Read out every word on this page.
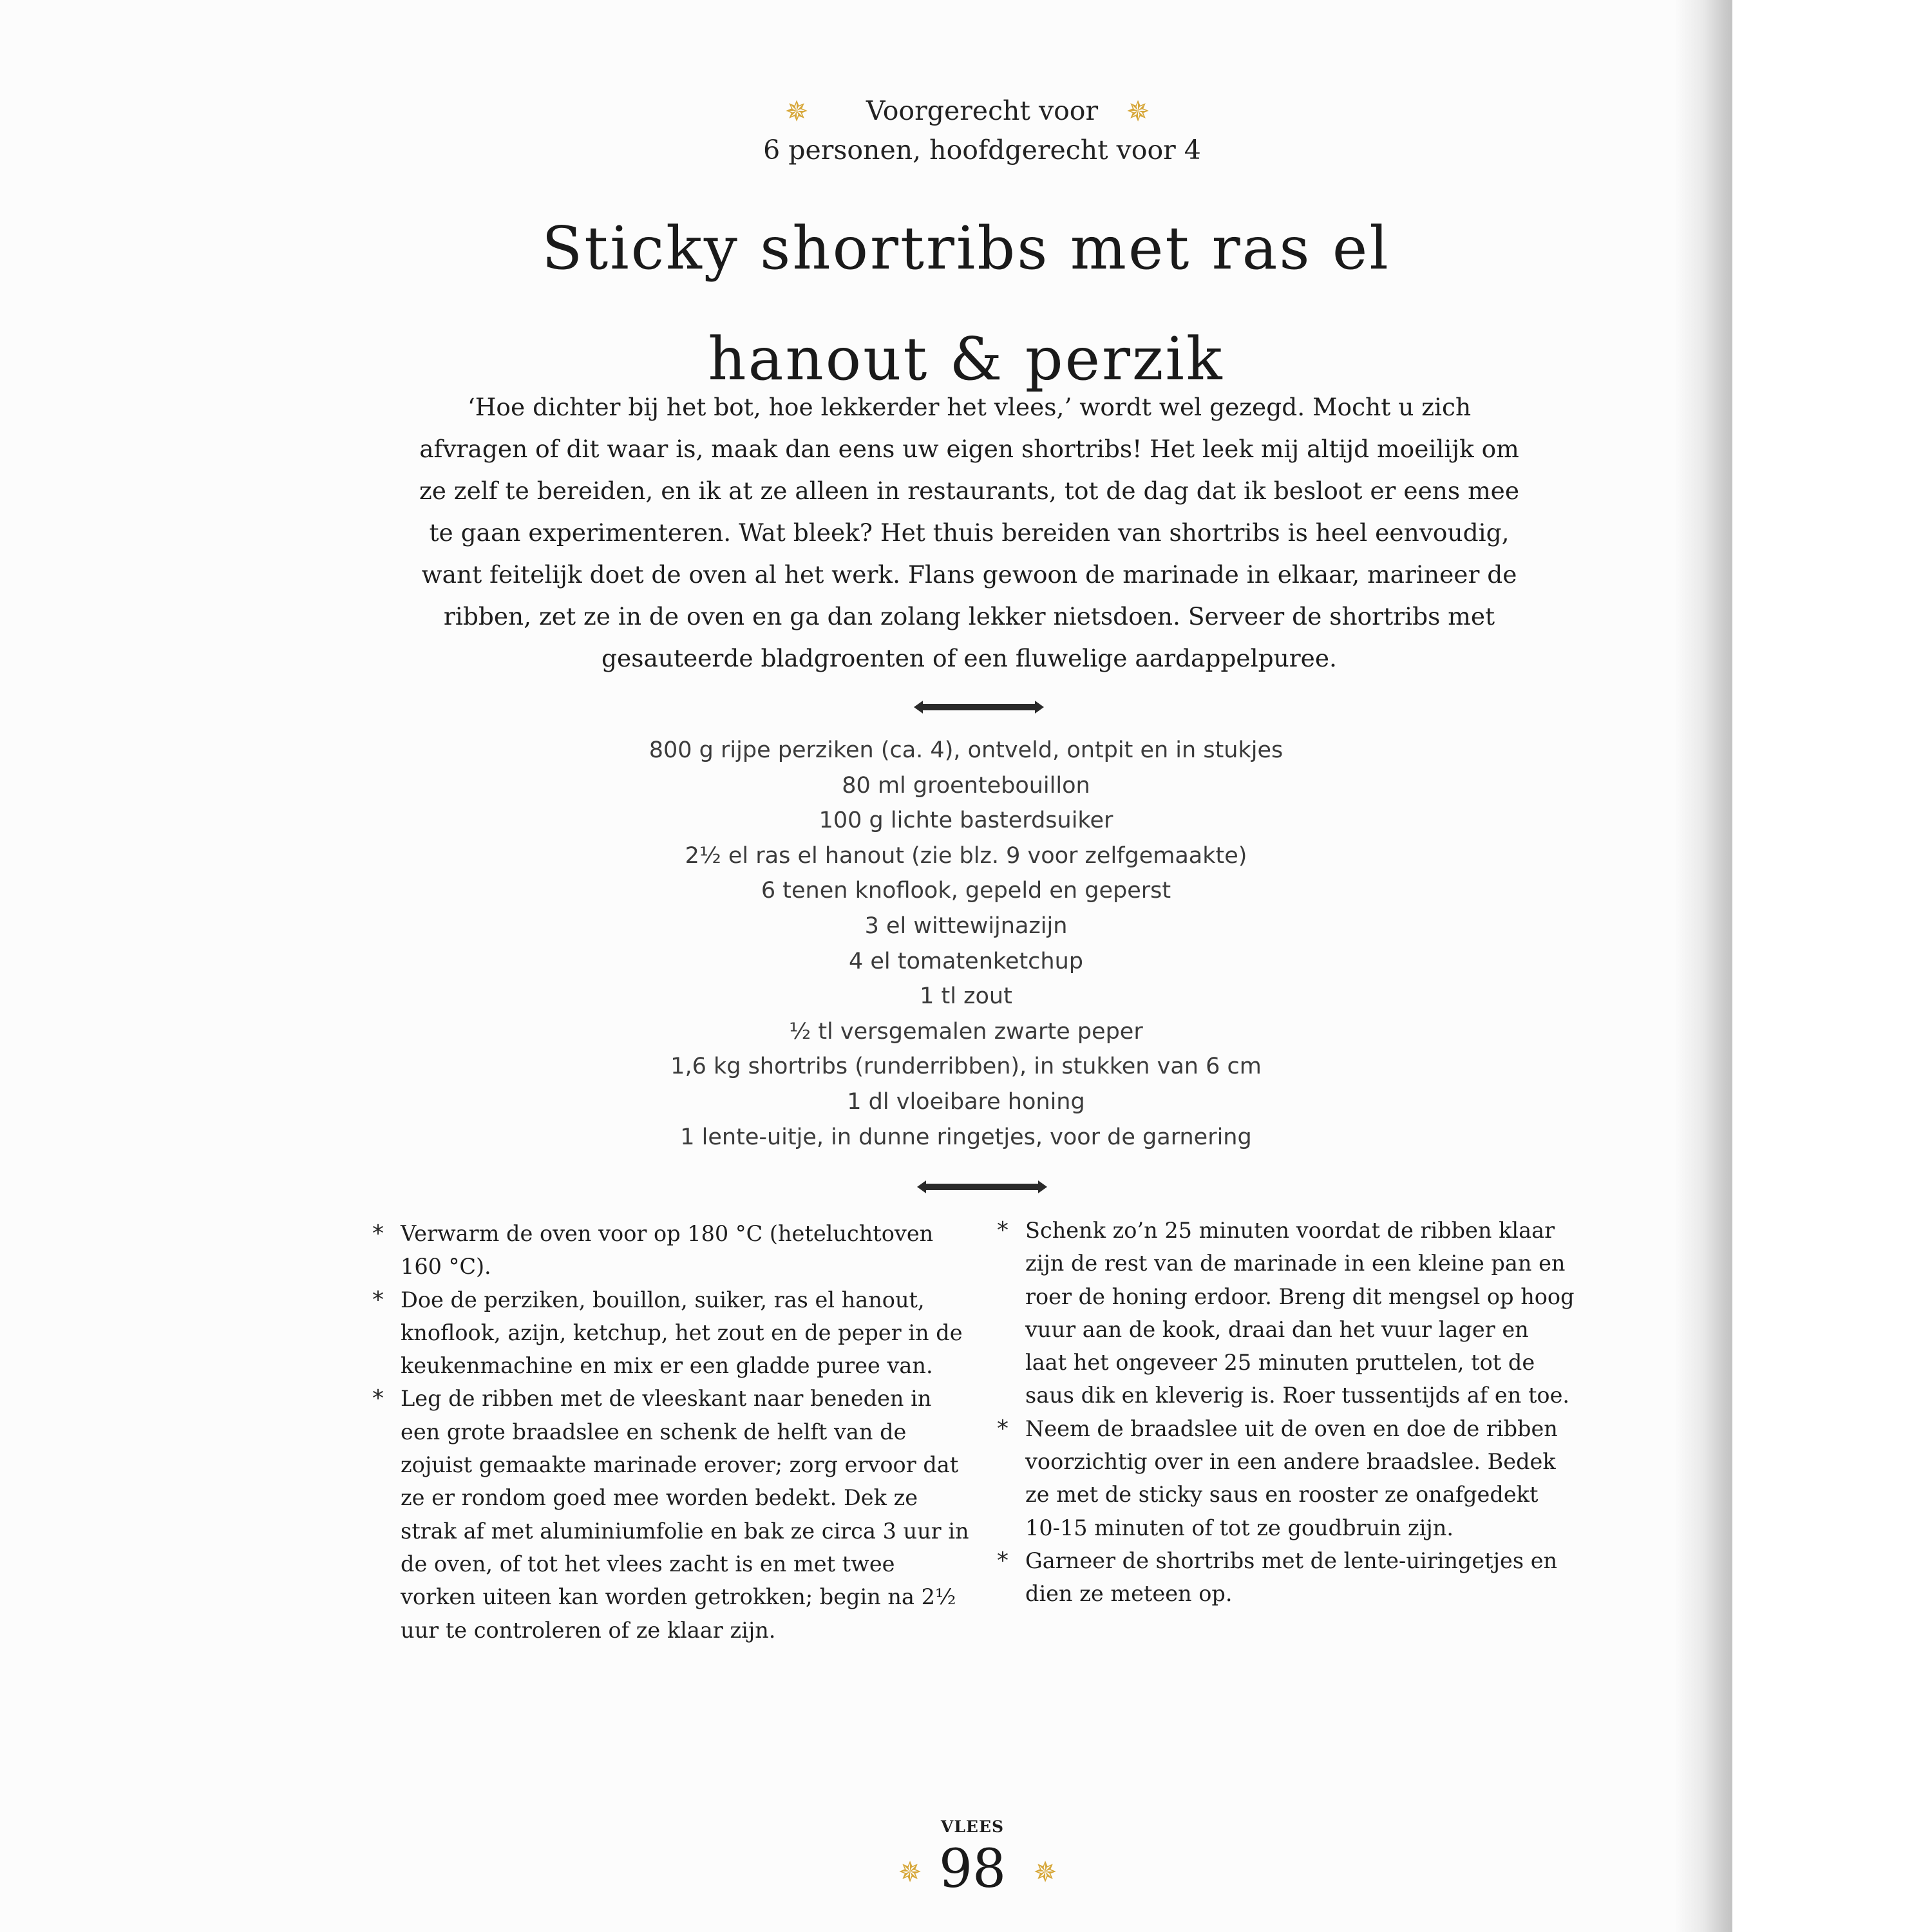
✵	✵
Voorgerecht voor
6 personen, hoofdgerecht voor 4
Sticky shortribs met ras el hanout & perzik

‘Hoe dichter bij het bot, hoe lekkerder het vlees,’ wordt wel gezegd. Mocht u zich afvragen of dit waar is, maak dan eens uw eigen shortribs! Het leek mij altijd moeilijk om ze zelf te bereiden, en ik at ze alleen in restaurants, tot de dag dat ik besloot er eens mee te gaan experimenteren. Wat bleek? Het thuis bereiden van shortribs is heel eenvoudig, want feitelijk doet de oven al het werk. Flans gewoon de marinade in elkaar, marineer de ribben, zet ze in de oven en ga dan zolang lekker nietsdoen. Serveer de shortribs met gesauteerde bladgroenten of een fluwelige aardappelpuree.

800 g rijpe perziken (ca. 4), ontveld, ontpit en in stukjes
80 ml groentebouillon
100 g lichte basterdsuiker
2½ el ras el hanout (zie blz. 9 voor zelfgemaakte)
6 tenen knoflook, gepeld en geperst
3 el wittewijnazijn
4 el tomatenketchup
1 tl zout
½ tl versgemalen zwarte peper
1,6 kg shortribs (runderribben), in stukken van 6 cm
1 dl vloeibare honing
1 lente-uitje, in dunne ringetjes, voor de garnering
* Verwarm de oven voor op 180 °C (heteluchtoven 160 °C).
* Doe de perziken, bouillon, suiker, ras el hanout, knoflook, azijn, ketchup, het zout en de peper in de keukenmachine en mix er een gladde puree van.
* Leg de ribben met de vleeskant naar beneden in een grote braadslee en schenk de helft van de zojuist gemaakte marinade erover; zorg ervoor dat ze er rondom goed mee worden bedekt. Dek ze strak af met aluminiumfolie en bak ze circa 3 uur in de oven, of tot het vlees zacht is en met twee vorken uiteen kan worden getrokken; begin na 2½ uur te controleren of ze klaar zijn.
* Schenk zo’n 25 minuten voordat de ribben klaar zijn de rest van de marinade in een kleine pan en roer de honing erdoor. Breng dit mengsel op hoog vuur aan de kook, draai dan het vuur lager en laat het ongeveer 25 minuten pruttelen, tot de saus dik en kleverig is. Roer tussentijds af en toe.
* Neem de braadslee uit de oven en doe de ribben voorzichtig over in een andere braadslee. Bedek ze met de sticky saus en rooster ze onafgedekt 10-15 minuten of tot ze goudbruin zijn.
* Garneer de shortribs met de lente-uiringetjes en dien ze meteen op.
VLEES
✵ 98 ✵
